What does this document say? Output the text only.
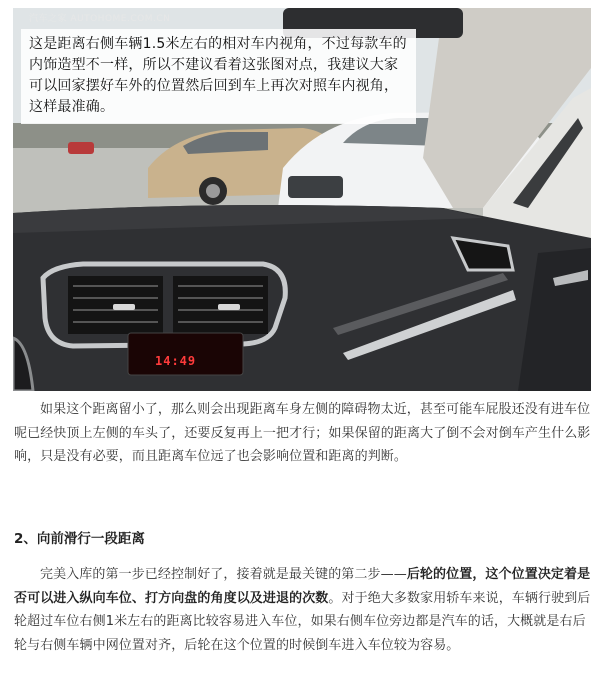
汽车之家 AUTOHOME.COM.CN
14:49

这是距离右侧车辆1.5米左右的相对车内视角，不过每款车的内饰造型不一样，所以不建议看着这张图对点，我建议大家可以回家摆好车外的位置然后回到车上再次对照车内视角，这样最准确。

如果这个距离留小了，那么则会出现距离车身左侧的障碍物太近，甚至可能车屁股还没有进车位呢已经快顶上左侧的车头了，还要反复再上一把才行；如果保留的距离大了倒不会对倒车产生什么影响，只是没有必要，而且距离车位远了也会影响位置和距离的判断。

2、向前滑行一段距离

完美入库的第一步已经控制好了，接着就是最关键的第二步——后轮的位置，这个位置决定着是否可以进入纵向车位、打方向盘的角度以及进退的次数。对于绝大多数家用轿车来说，车辆行驶到后轮超过车位右侧1米左右的距离比较容易进入车位，如果右侧车位旁边都是汽车的话，大概就是右后轮与右侧车辆中网位置对齐，后轮在这个位置的时候倒车进入车位较为容易。
